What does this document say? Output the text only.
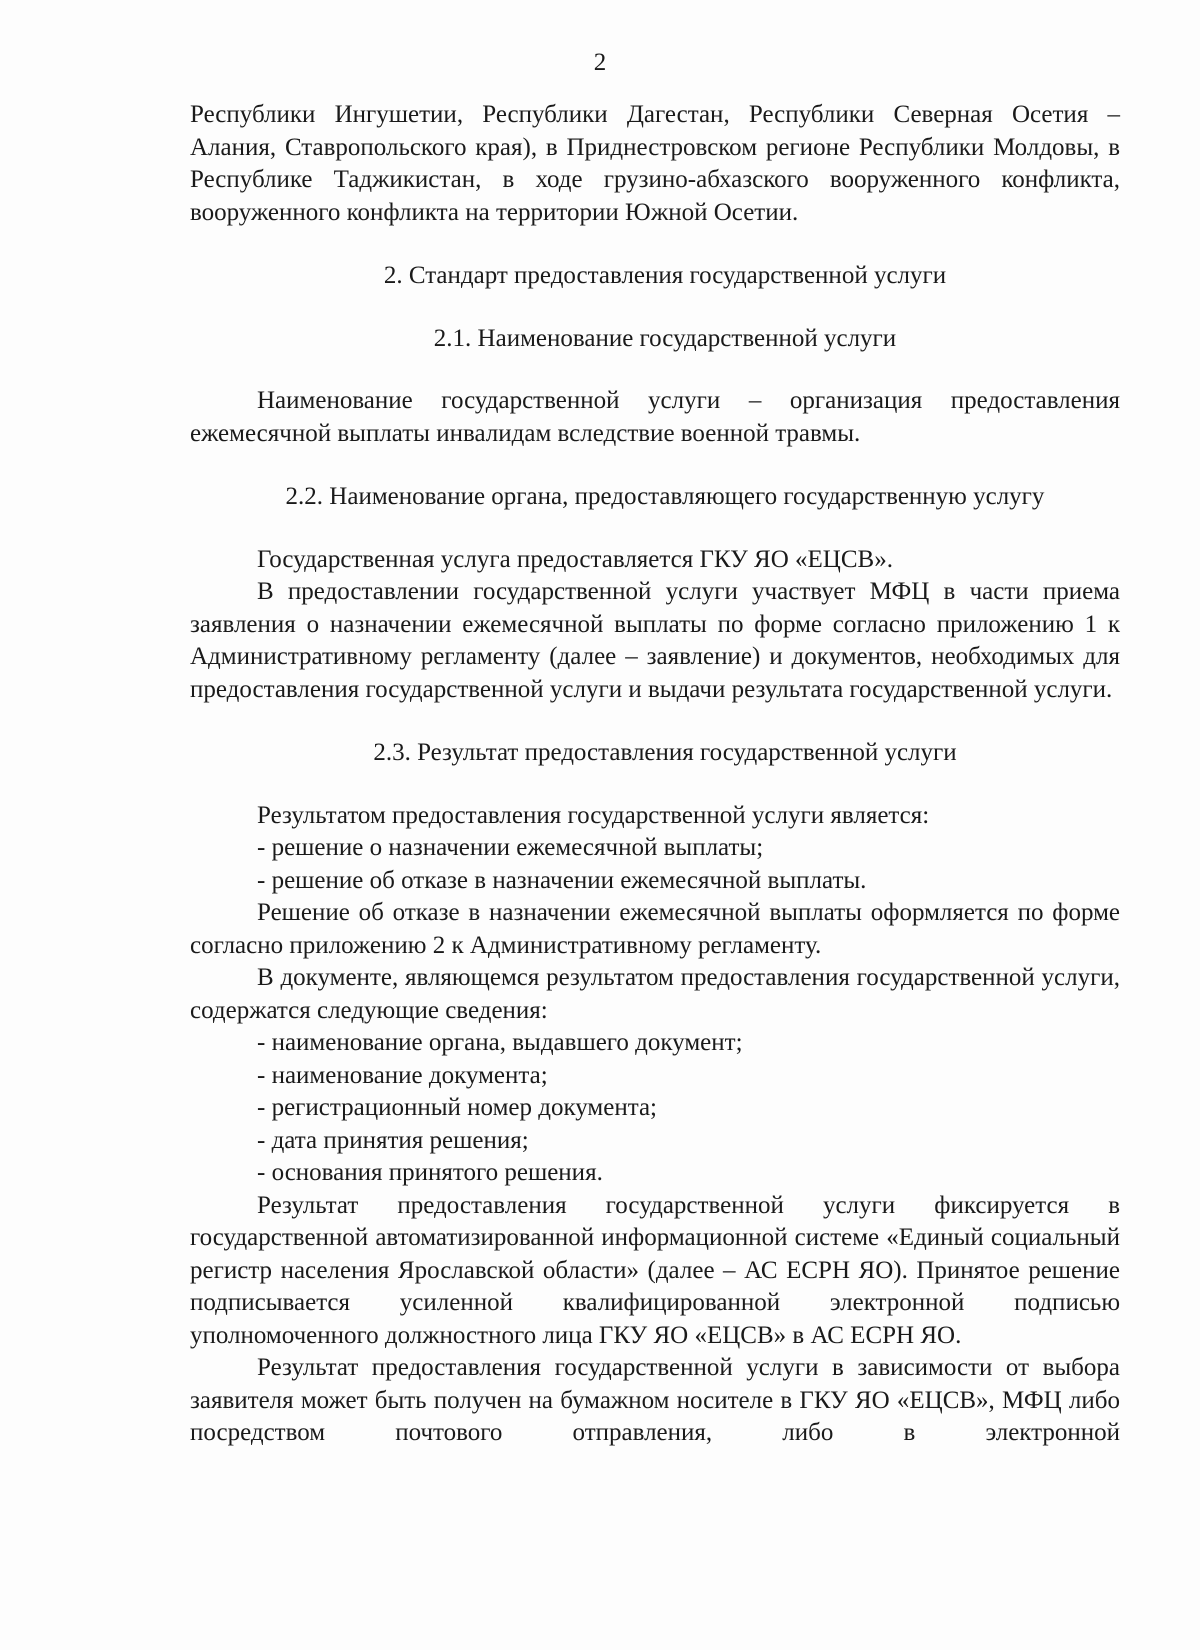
2

Республики Ингушетии, Республики Дагестан, Республики Северная Осетия – Алания, Ставропольского края), в Приднестровском регионе Республики Молдовы, в Республике Таджикистан, в ходе грузино-абхазского вооруженного конфликта, вооруженного конфликта на территории Южной Осетии.

2. Стандарт предоставления государственной услуги

2.1. Наименование государственной услуги

Наименование государственной услуги – организация предоставления ежемесячной выплаты инвалидам вследствие военной травмы.

2.2. Наименование органа, предоставляющего государственную услугу

Государственная услуга предоставляется ГКУ ЯО «ЕЦСВ».

В предоставлении государственной услуги участвует МФЦ в части приема заявления о назначении ежемесячной выплаты по форме согласно приложению 1 к Административному регламенту (далее – заявление) и документов, необходимых для предоставления государственной услуги и выдачи результата государственной услуги.

2.3. Результат предоставления государственной услуги

Результатом предоставления государственной услуги является:

- решение о назначении ежемесячной выплаты;

- решение об отказе в назначении ежемесячной выплаты.

Решение об отказе в назначении ежемесячной выплаты оформляется по форме согласно приложению 2 к Административному регламенту.

В документе, являющемся результатом предоставления государственной услуги, содержатся следующие сведения:

- наименование органа, выдавшего документ;

- наименование документа;

- регистрационный номер документа;

- дата принятия решения;

- основания принятого решения.

Результат предоставления государственной услуги фиксируется в государственной автоматизированной информационной системе «Единый социальный регистр населения Ярославской области» (далее – АС ЕСРН ЯО). Принятое решение подписывается усиленной квалифицированной электронной подписью уполномоченного должностного лица ГКУ ЯО «ЕЦСВ» в АС ЕСРН ЯО.

Результат предоставления государственной услуги в зависимости от выбора заявителя может быть получен на бумажном носителе в ГКУ ЯО «ЕЦСВ», МФЦ либо посредством почтового отправления, либо в электронной
